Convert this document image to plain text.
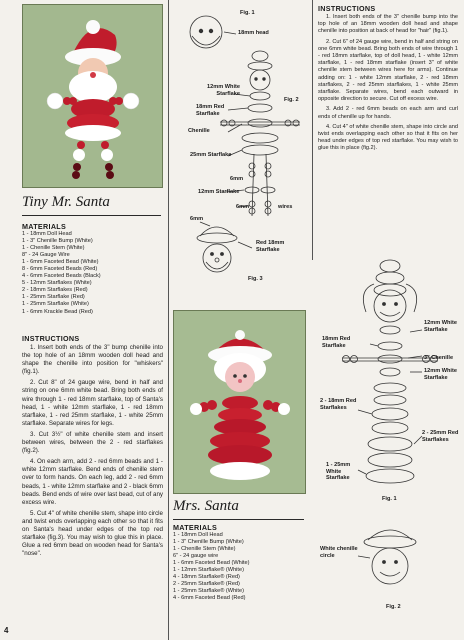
Tiny Mr. Santa
MATERIALS
1 - 18mm Doll Head
1 - 3" Chenille Bump (White)
1 - Chenille Stem (White)
8" - 24 Gauge Wire
1 - 6mm Faceted Bead (White)
8 - 6mm Faceted Beads (Red)
4 - 6mm Faceted Beads (Black)
5 - 12mm Starflakes (White)
2 - 18mm Starflakes (Red)
1 - 25mm Starflake (Red)
1 - 25mm Starflake (White)
1 - 6mm Krackle Bead (Red)
INSTRUCTIONS

1. Insert both ends of the 3" bump chenille into the top hole of an 18mm wooden doll head and shape the chenille into position for "whiskers" (fig.1).

2. Cut 8" of 24 gauge wire, bend in half and string on one 6mm white bead. Bring both ends of wire through 1 - red 18mm starflake, top of Santa's head, 1 - white 12mm starflake, 1 - red 18mm starflake, 1 - red 25mm starflake, 1 - white 25mm starflake. Separate wires for legs.

3. Cut 3½" of white chenille stem and insert between wires, between the 2 - red starflakes (fig.2).

4. On each arm, add 2 - red 6mm beads and 1 - white 12mm starflake. Bend ends of chenille stem over to form hands. On each leg, add 2 - red 6mm beads, 1 - white 12mm starflake and 2 - black 6mm beads. Bend ends of wire over last bead, cut of any excess wire.

5. Cut 4" of white chenille stem, shape into circle and twist ends overlapping each other so that it fits on Santa's head under edges of the top red starflake (fig.3). You may wish to glue this in place. Glue a red 6mm bead on wooden head for Santa's "nose".

4
Fig. 1
18mm head
Fig. 2
12mm White Starflake
18mm Red Starflake
Chenille
25mm Starflake
6mm
12mm Starflake
6mm	wires
6mm
Red 18mm Starflake
Fig. 3
Mrs. Santa
MATERIALS
1 - 18mm Doll Head
1 - 3" Chenille Bump (White)
1 - Chenille Stem (White)
6" - 24 gauge wire
1 - 6mm Faceted Bead (White)
1 - 12mm Starflake® (White)
4 - 18mm Starflake® (Red)
2 - 25mm Starflake® (Red)
1 - 25mm Starflake® (White)
4 - 6mm Faceted Bead (Red)
INSTRUCTIONS

1. Insert both ends of the 3" chenille bump into the top hole of an 18mm wooden doll head and shape chenille into position at back of head for "hair" (fig.1).

2. Cut 6" of 24 gauge wire, bend in half and string on one 6mm white bead. Bring both ends of wire through 1 - red 18mm starflake, top of doll head, 1 - white 12mm starflake, 1 - red 18mm starflake (insert 3" of white chenille stem between wires here for arms). Continue adding on: 1 - white 12mm starflake, 2 - red 18mm starflakes, 2 - red 25mm starflakes, 1 - white 25mm starflake. Separate wires, bend each outward in opposite direction to secure. Cut off excess wire.

3. Add 2 - red 6mm beads on each arm and curl ends of chenille up for hands.

4. Cut 4" of white chenille stem, shape into circle and twist ends overlapping each other so that it fits on her head under edges of top red starflake. You may wish to glue this in place (fig.2).

18mm Red Starflake
12mm White Starflake
3" Chenille
12mm White Starflake
2 - 18mm Red Starflakes
2 - 25mm Red Starflakes
1 - 25mm White Starflake
Fig. 1
White chenille circle
Fig. 2
